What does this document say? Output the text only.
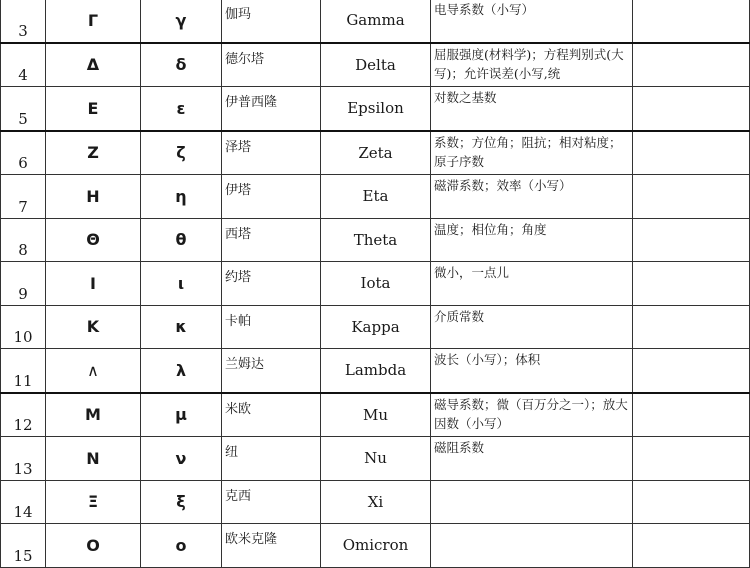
3	Γ	γ	伽玛	Gamma	电导系数（小写）	
4	Δ	δ	德尔塔	Delta	屈服强度(材料学)；方程判别式(大写)；允许误差(小写,统	
5	Ε	ε	伊普西隆	Epsilon	对数之基数	
6	Ζ	ζ	泽塔	Zeta	系数；方位角；阻抗；相对粘度；原子序数	
7	Η	η	伊塔	Eta	磁滞系数；效率（小写）	
8	Θ	θ	西塔	Theta	温度；相位角；角度	
9	Ι	ι	约塔	Iota	微小，一点儿	
10	Κ	κ	卡帕	Kappa	介质常数	
11	∧	λ	兰姆达	Lambda	波长（小写）；体积	
12	Μ	μ	米欧	Mu	磁导系数；微（百万分之一）；放大因数（小写）	
13	Ν	ν	纽	Nu	磁阻系数	
14	Ξ	ξ	克西	Xi		
15	Ο	ο	欧米克隆	Omicron		
